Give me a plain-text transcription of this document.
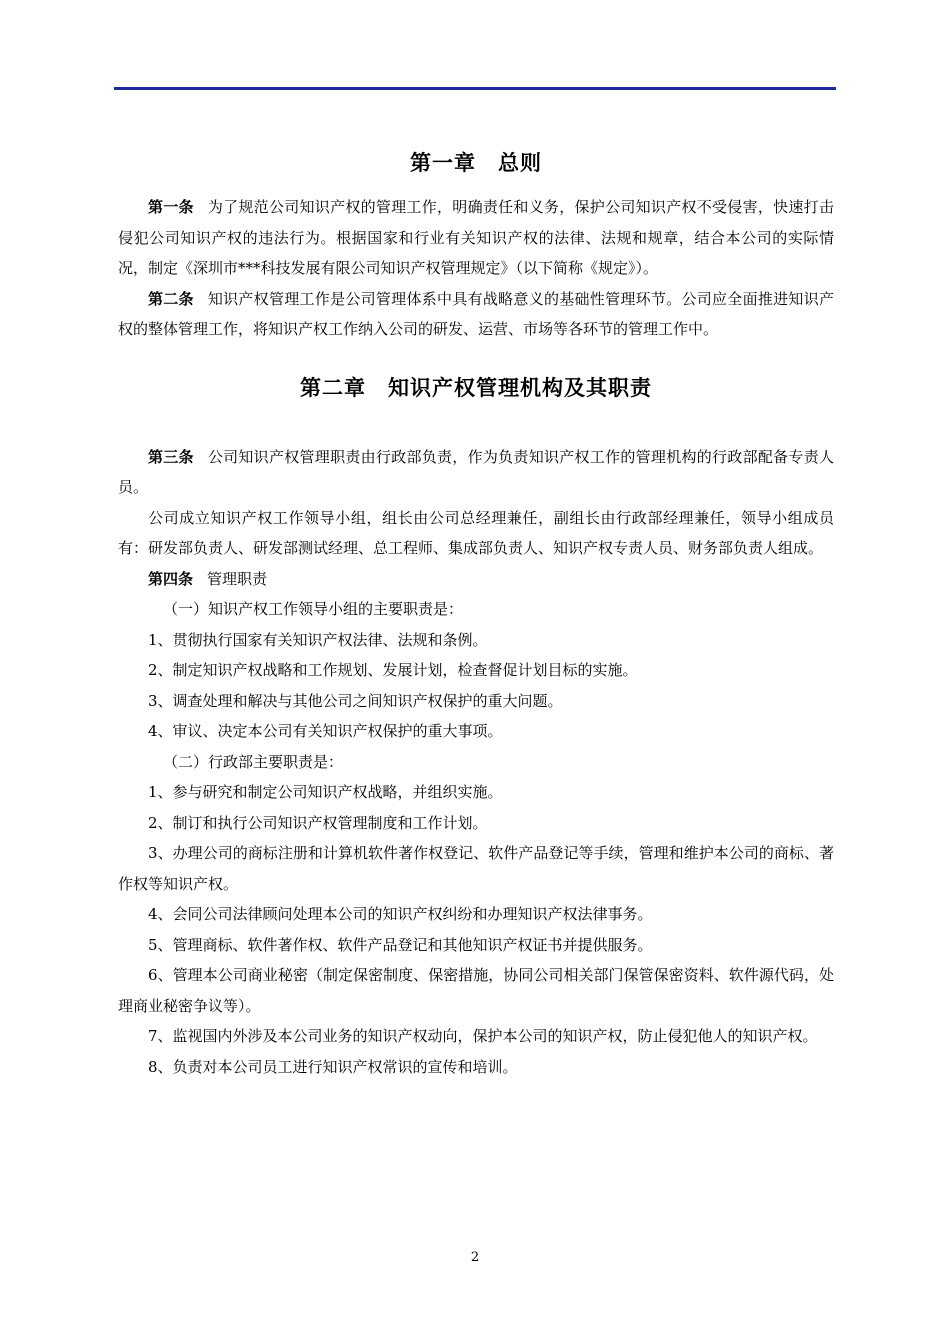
第一章　总则

第一条 为了规范公司知识产权的管理工作，明确责任和义务，保护公司知识产权不受侵害，快速打击侵犯公司知识产权的违法行为。根据国家和行业有关知识产权的法律、法规和规章，结合本公司的实际情况，制定《深圳市***科技发展有限公司知识产权管理规定》（以下简称《规定》）。

第二条 知识产权管理工作是公司管理体系中具有战略意义的基础性管理环节。公司应全面推进知识产权的整体管理工作，将知识产权工作纳入公司的研发、运营、市场等各环节的管理工作中。

第二章　知识产权管理机构及其职责

第三条 公司知识产权管理职责由行政部负责，作为负责知识产权工作的管理机构的行政部配备专责人员。

公司成立知识产权工作领导小组，组长由公司总经理兼任，副组长由行政部经理兼任，领导小组成员有：研发部负责人、研发部测试经理、总工程师、集成部负责人、知识产权专责人员、财务部负责人组成。

第四条 管理职责

（一）知识产权工作领导小组的主要职责是：

1、贯彻执行国家有关知识产权法律、法规和条例。

2、制定知识产权战略和工作规划、发展计划，检查督促计划目标的实施。

3、调查处理和解决与其他公司之间知识产权保护的重大问题。

4、审议、决定本公司有关知识产权保护的重大事项。

（二）行政部主要职责是：

1、参与研究和制定公司知识产权战略，并组织实施。

2、制订和执行公司知识产权管理制度和工作计划。

3、办理公司的商标注册和计算机软件著作权登记、软件产品登记等手续，管理和维护本公司的商标、著作权等知识产权。

4、会同公司法律顾问处理本公司的知识产权纠纷和办理知识产权法律事务。

5、管理商标、软件著作权、软件产品登记和其他知识产权证书并提供服务。

6、管理本公司商业秘密（制定保密制度、保密措施，协同公司相关部门保管保密资料、软件源代码，处理商业秘密争议等）。

7、监视国内外涉及本公司业务的知识产权动向，保护本公司的知识产权，防止侵犯他人的知识产权。

8、负责对本公司员工进行知识产权常识的宣传和培训。

2
